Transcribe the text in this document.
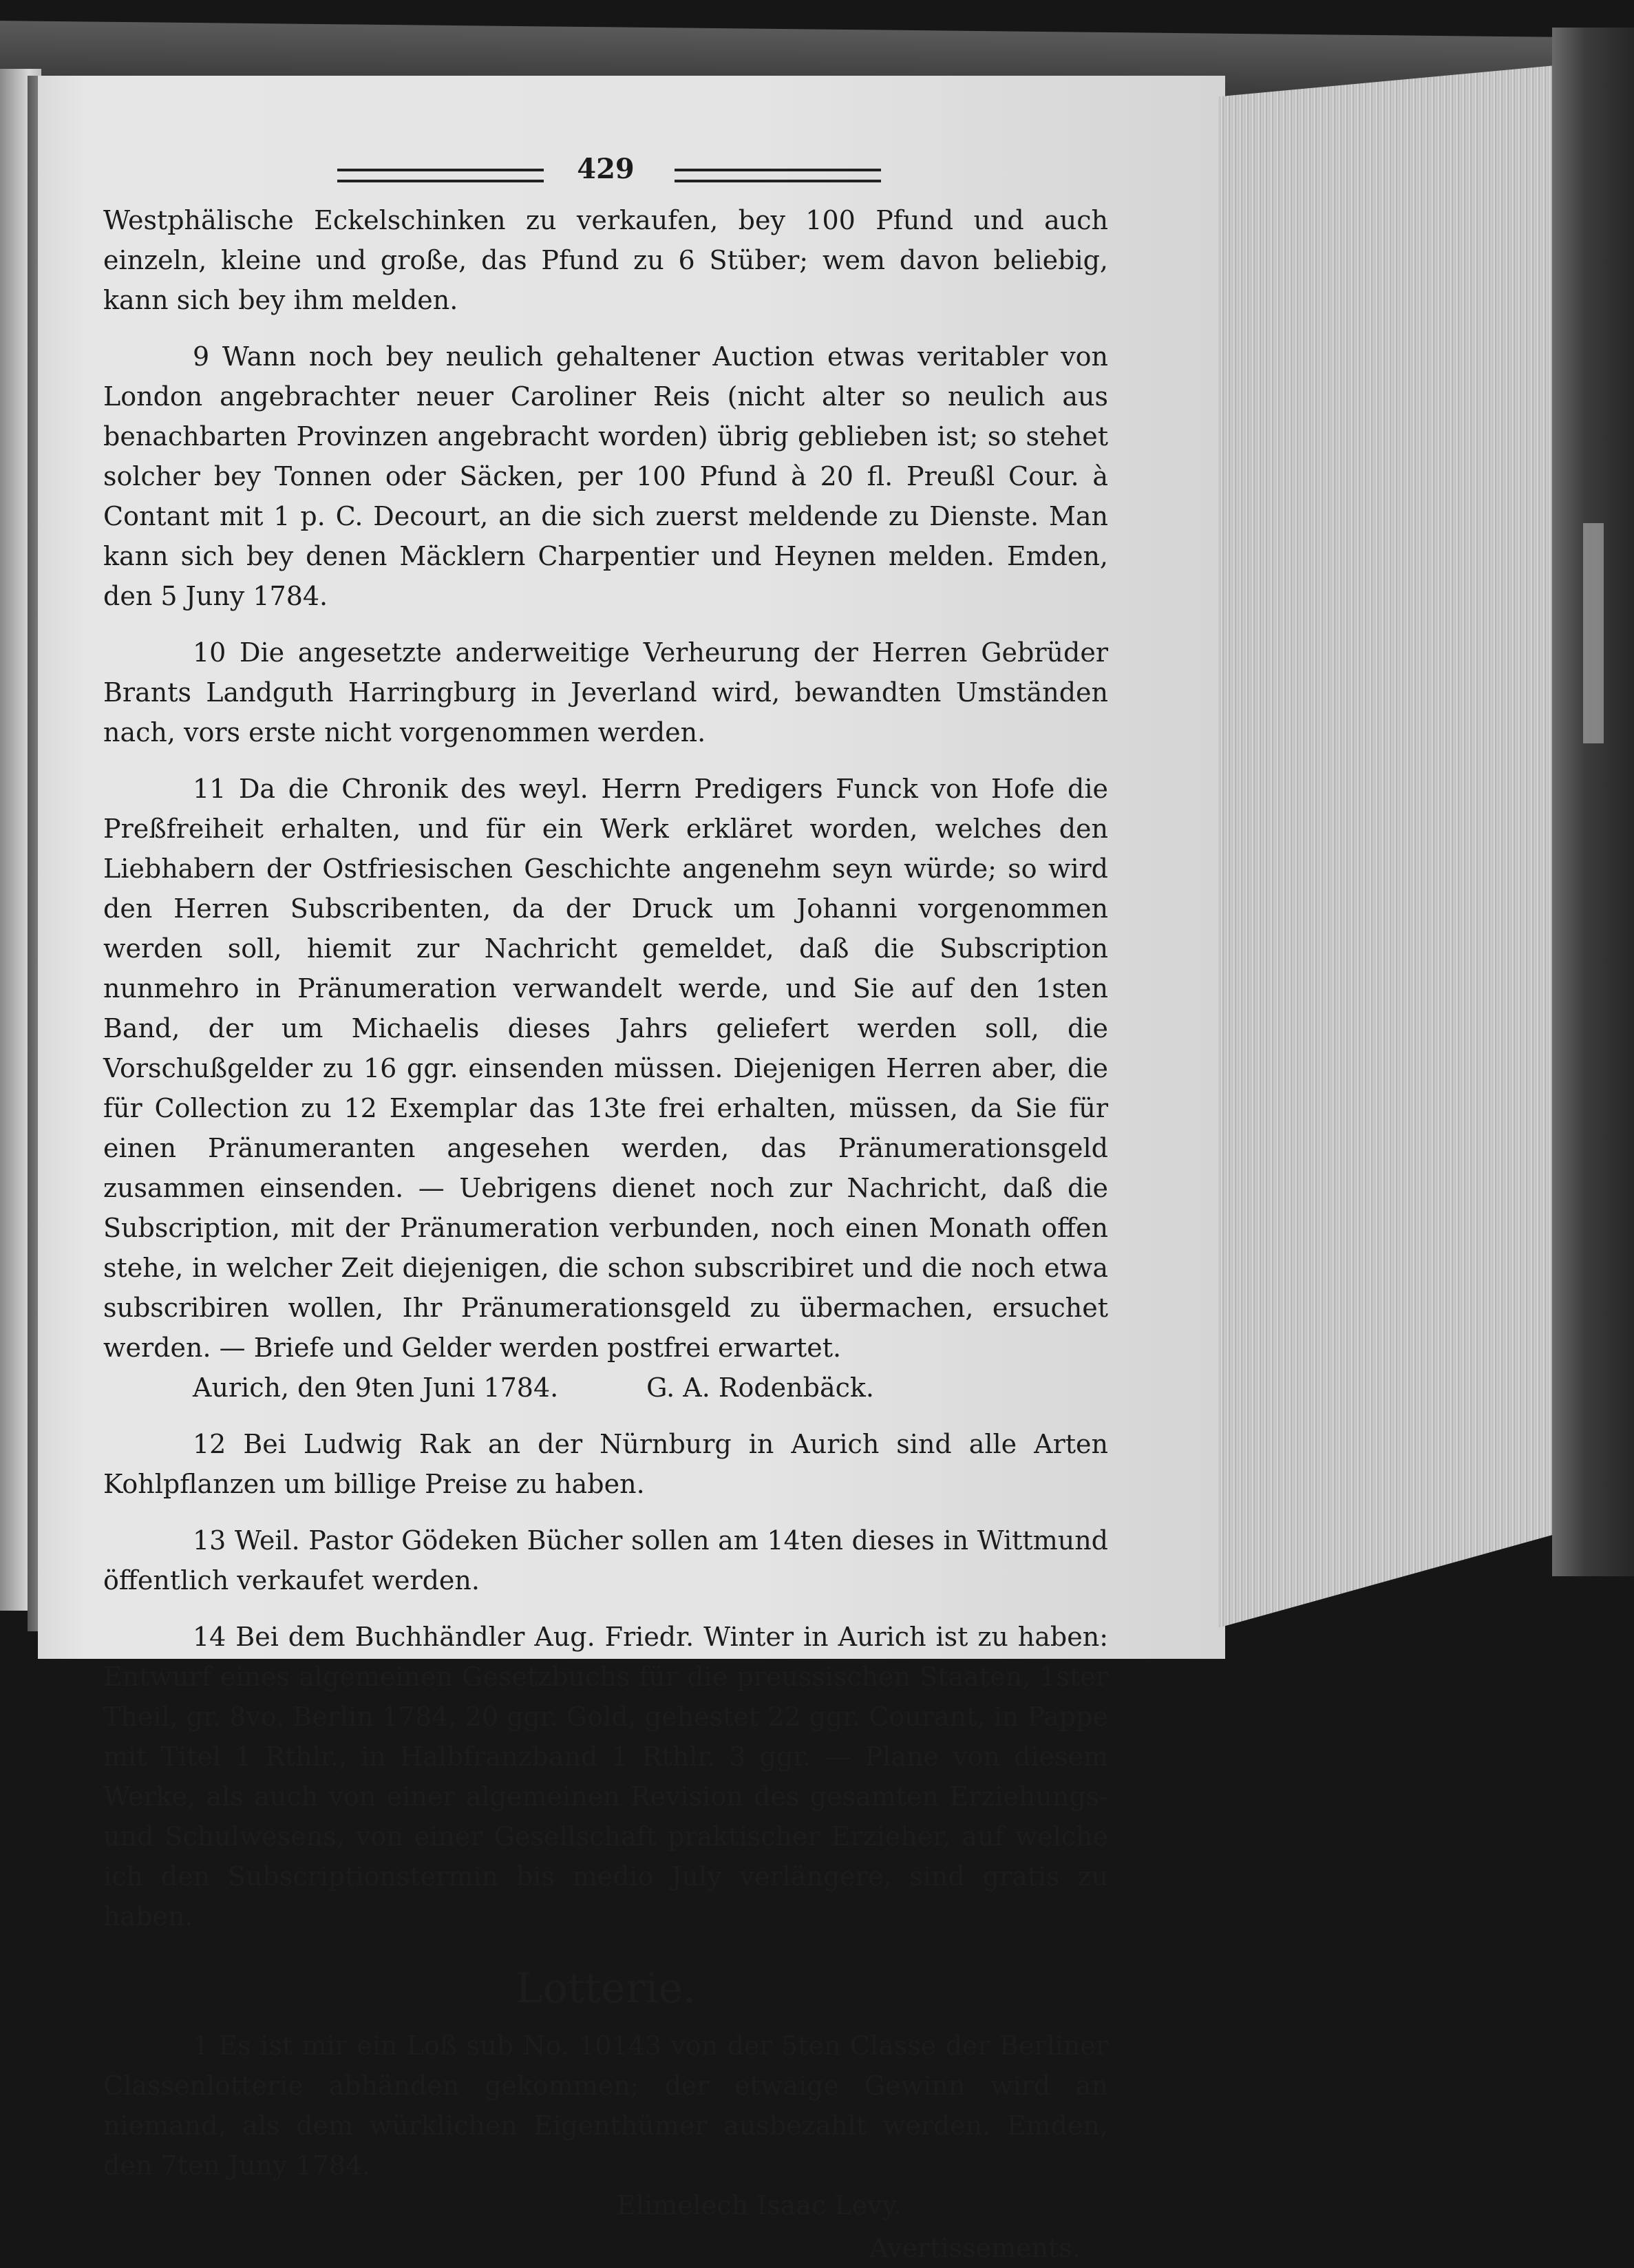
429

Westphälische Eckelschinken zu verkaufen, bey 100 Pfund und auch einzeln, kleine und große, das Pfund zu 6 Stüber; wem davon beliebig, kann sich bey ihm melden.

9 Wann noch bey neulich gehaltener Auction etwas veritabler von London angebrachter neuer Caroliner Reis (nicht alter so neulich aus benachbarten Provinzen angebracht worden) übrig geblieben ist; so stehet solcher bey Tonnen oder Säcken, per 100 Pfund à 20 fl. Preußl Cour. à Contant mit 1 p. C. Decourt, an die sich zuerst meldende zu Dienste. Man kann sich bey denen Mäcklern Charpentier und Heynen melden. Emden, den 5 Juny 1784.

10 Die angesetzte anderweitige Verheurung der Herren Gebrüder Brants Landguth Harringburg in Jeverland wird, bewandten Umständen nach, vors erste nicht vorgenommen werden.

11 Da die Chronik des weyl. Herrn Predigers Funck von Hofe die Preßfreiheit erhalten, und für ein Werk erkläret worden, welches den Liebhabern der Ostfriesischen Geschichte angenehm seyn würde; so wird den Herren Subscribenten, da der Druck um Johanni vorgenommen werden soll, hiemit zur Nachricht gemeldet, daß die Subscription nunmehro in Pränumeration verwandelt werde, und Sie auf den 1sten Band, der um Michaelis dieses Jahrs geliefert werden soll, die Vorschußgelder zu 16 ggr. einsenden müssen. Diejenigen Herren aber, die für Collection zu 12 Exemplar das 13te frei erhalten, müssen, da Sie für einen Pränumeranten angesehen werden, das Pränumerationsgeld zusammen einsenden. — Uebrigens dienet noch zur Nachricht, daß die Subscription, mit der Pränumeration verbunden, noch einen Monath offen stehe, in welcher Zeit diejenigen, die schon subscribiret und die noch etwa subscribiren wollen, Ihr Pränumerationsgeld zu übermachen, ersuchet werden. — Briefe und Gelder werden postfrei erwartet.

Aurich, den 9ten Juni 1784.	G. A. Rodenbäck.

12 Bei Ludwig Rak an der Nürnburg in Aurich sind alle Arten Kohlpflanzen um billige Preise zu haben.

13 Weil. Pastor Gödeken Bücher sollen am 14ten dieses in Wittmund öffentlich verkaufet werden.

14 Bei dem Buchhändler Aug. Friedr. Winter in Aurich ist zu haben: Entwurf eines algemeinen Gesetzbuchs für die preussischen Staaten, 1ster Theil, gr. 8vo. Berlin 1784, 20 ggr. Gold, gehestet 22 ggr. Courant, in Pappe mit Titel 1 Rthlr., in Halbfranzband 1 Rthlr. 3 ggr. — Plane von diesem Werke, als auch von einer algemeinen Revision des gesamten Erziehungs- und Schulwesens, von einer Gesellschaft praktischer Erzieher, auf welche ich den Subscriptionstermin bis medio July verlängere, sind gratis zu haben.

Lotterie.

1 Es ist mir ein Loß sub No. 10143 von der 5ten Classe der Berliner Classenlotterie abhänden gekommen; der etwaige Gewinn wird an niemand, als dem würklichen Eigenthümer ausbezahlt werden. Emden, den 7ten Juny 1784.

Elimelech Isaac Levy.
Avertissements.
